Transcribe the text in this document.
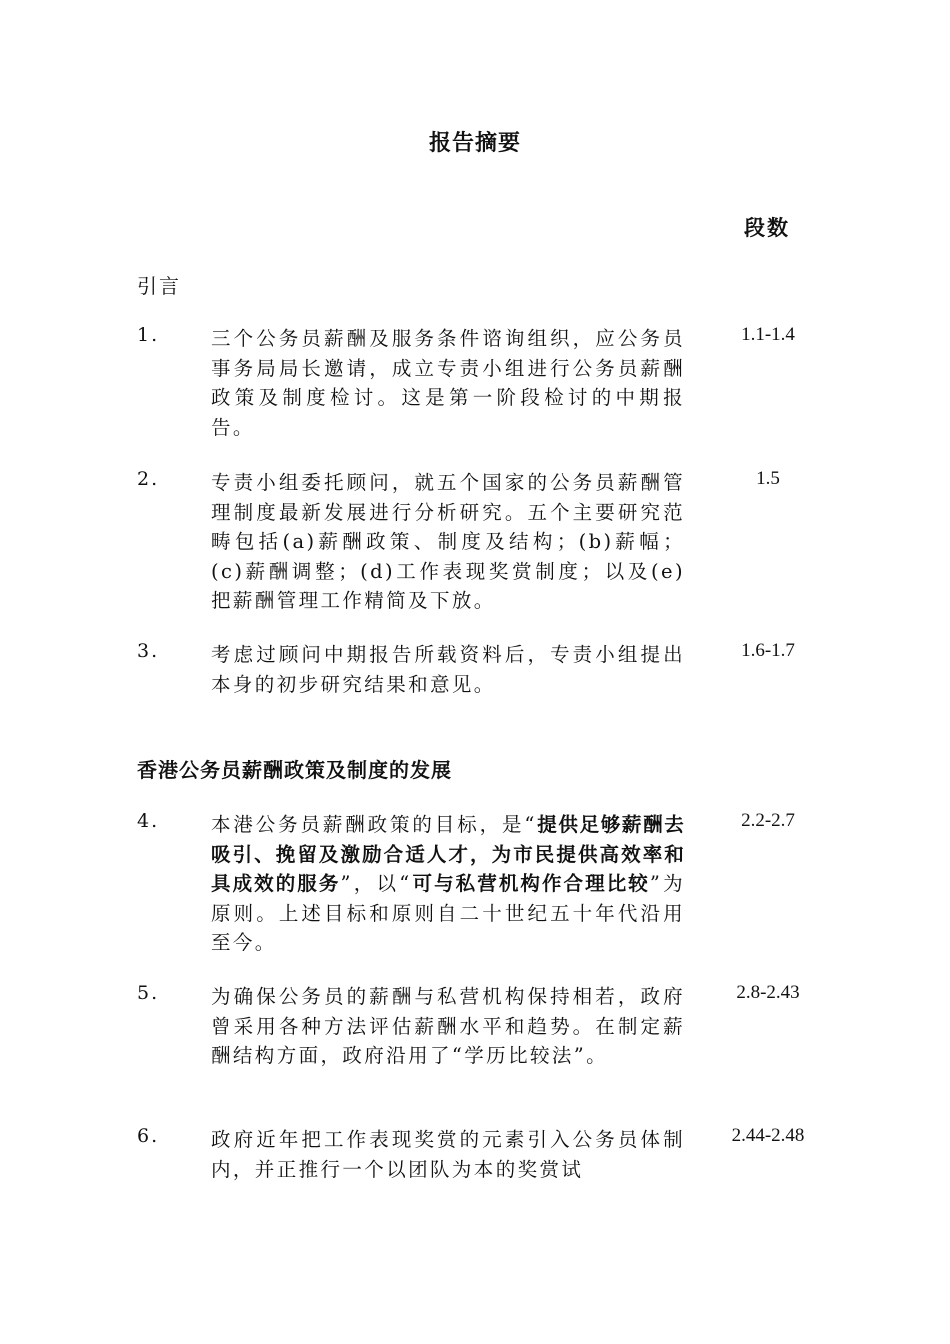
报告摘要
段数
引言
1.	三个公务员薪酬及服务条件谘询组织，应公务员事务局局长邀请，成立专责小组进行公务员薪酬政策及制度检讨。这是第一阶段检讨的中期报告。
1.1-1.4
2.	专责小组委托顾问，就五个国家的公务员薪酬管理制度最新发展进行分析研究。五个主要研究范畴包括(a)薪酬政策、制度及结构；(b)薪幅；(c)薪酬调整；(d)工作表现奖赏制度；以及(e)把薪酬管理工作精简及下放。
1.5
3.	考虑过顾问中期报告所载资料后，专责小组提出本身的初步研究结果和意见。
1.6-1.7
香港公务员薪酬政策及制度的发展
4.	本港公务员薪酬政策的目标，是“提供足够薪酬去吸引、挽留及激励合适人才，为市民提供高效率和具成效的服务”，以“可与私营机构作合理比较”为原则。上述目标和原则自二十世纪五十年代沿用至今。
2.2-2.7
5.	为确保公务员的薪酬与私营机构保持相若，政府曾采用各种方法评估薪酬水平和趋势。在制定薪酬结构方面，政府沿用了“学历比较法”。
2.8-2.43
6.	政府近年把工作表现奖赏的元素引入公务员体制内，并正推行一个以团队为本的奖赏试
2.44-2.48
